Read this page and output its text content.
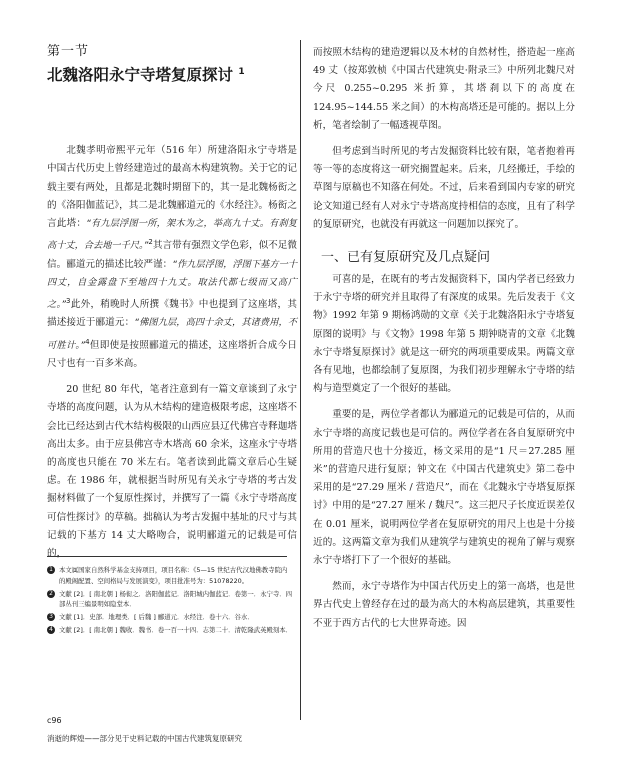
第一节
北魏洛阳永宁寺塔复原探讨 $^1$

北魏孝明帝熙平元年（516 年）所建洛阳永宁寺塔是中国古代历史上曾经建造过的最高木构建筑物。关于它的记载主要有两处，且都是北魏时期留下的，其一是北魏杨衒之的《洛阳伽蓝记》，其二是北魏郦道元的《水经注》。杨衒之言此塔：“有九层浮图一所，架木为之，举高九十丈。有刹复高十丈，合去地一千尺。”$^2$其言带有强烈文学色彩，似不足微信。郦道元的描述比较严谨：“作九层浮图，浮图下基方一十四丈，自金露盘下至地四十九丈。取法代都七级而又高广之。”$^3$此外，稍晚时人所撰《魏书》中也提到了这座塔，其描述接近于郦道元：“佛图九层，高四十余丈，其诸费用，不可胜计。”$^4$但即使是按照郦道元的描述，这座塔折合成今日尺寸也有一百多米高。

20 世纪 80 年代，笔者注意到有一篇文章谈到了永宁寺塔的高度问题，认为从木结构的建造极限考虑，这座塔不会比已经达到古代木结构极限的山西应县辽代佛宫寺释迦塔高出太多。由于应县佛宫寺木塔高 60 余米，这座永宁寺塔的高度也只能在 70 米左右。笔者读到此篇文章后心生疑虑。在 1986 年，就根据当时所见有关永宁寺塔的考古发掘材料做了一个复原性探讨，并撰写了一篇《永宁寺塔高度可信性探讨》的草稿。拙稿认为考古发掘中基址的尺寸与其记载的下基方 14 丈大略吻合，说明郦道元的记载是可信的，

而按照木结构的建造逻辑以及木材的自然材性，搭造起一座高 49 丈（按郑敦桢《中国古代建筑史·附录三》中所列北魏尺对今尺 0.255~0.295 米折算，其塔刹以下的高度在 124.95~144.55 米之间）的木构高塔还是可能的。据以上分析，笔者绘制了一幅透视草图。

但考虑到当时所见的考古发掘资料比较有限，笔者抱着再等一等的态度将这一研究搁置起来。后来，几经搬迁，手绘的草图与原稿也不知落在何处。不过，后来看到国内专家的研究论文知道已经有人对永宁寺塔高度持相信的态度，且有了科学的复原研究，也就没有再就这一问题加以探究了。

一、已有复原研究及几点疑问

可喜的是，在既有的考古发掘资料下，国内学者已经致力于永宁寺塔的研究并且取得了有深度的成果。先后发表于《文物》1992 年第 9 期杨鸿勋的文章《关于北魏洛阳永宁寺塔复原图的说明》与《文物》1998 年第 5 期钟晓青的文章《北魏永宁寺塔复原探讨》就是这一研究的两项重要成果。两篇文章各有见地，也都绘制了复原图，为我们初步理解永宁寺塔的结构与造型奠定了一个很好的基础。

重要的是，两位学者都认为郦道元的记载是可信的，从而永宁寺塔的高度记载也是可信的。两位学者在各自复原研究中所用的营造尺也十分接近，杨文采用的是“1 尺＝27.285 厘米”的营造尺进行复原；钟文在《中国古代建筑史》第二卷中采用的是“27.29 厘米 / 营造尺”，而在《北魏永宁寺塔复原探讨》中用的是“27.27 厘米 / 魏尺”。这三把尺子长度近误差仅在 0.01 厘米，说明两位学者在复原研究的用尺上也是十分接近的。这两篇文章为我们从建筑学与建筑史的视角了解与观察永宁寺塔打下了一个很好的基础。

然而，永宁寺塔作为中国古代历史上的第一高塔，也是世界古代史上曾经存在过的最为高大的木构高层建筑，其重要性不亚于西方古代的七大世界奇迹。因

1 本文属国家自然科学基金支持项目，项目名称：《5—15 世纪古代汉地佛教寺院内的殿阁配置、空间格局与发展演变》，项目批准号为：51078220。
2 文献 [2]．[ 南北朝 ] 杨衒之．洛阳伽蓝记．洛阳城内伽蓝记．卷第一．永宁寺．四部丛刊三编景明如隐堂本．
3 文献 [1]．史部．地理类．[ 后魏 ] 郦道元．水经注．卷十六．谷水．
4 文献 [2]．[ 南北朝 ] 魏收．魏书．卷一百一十四．志第二十．清乾隆武英殿刻本．
c96
消逝的辉煌——部分见于史料记载的中国古代建筑复原研究
